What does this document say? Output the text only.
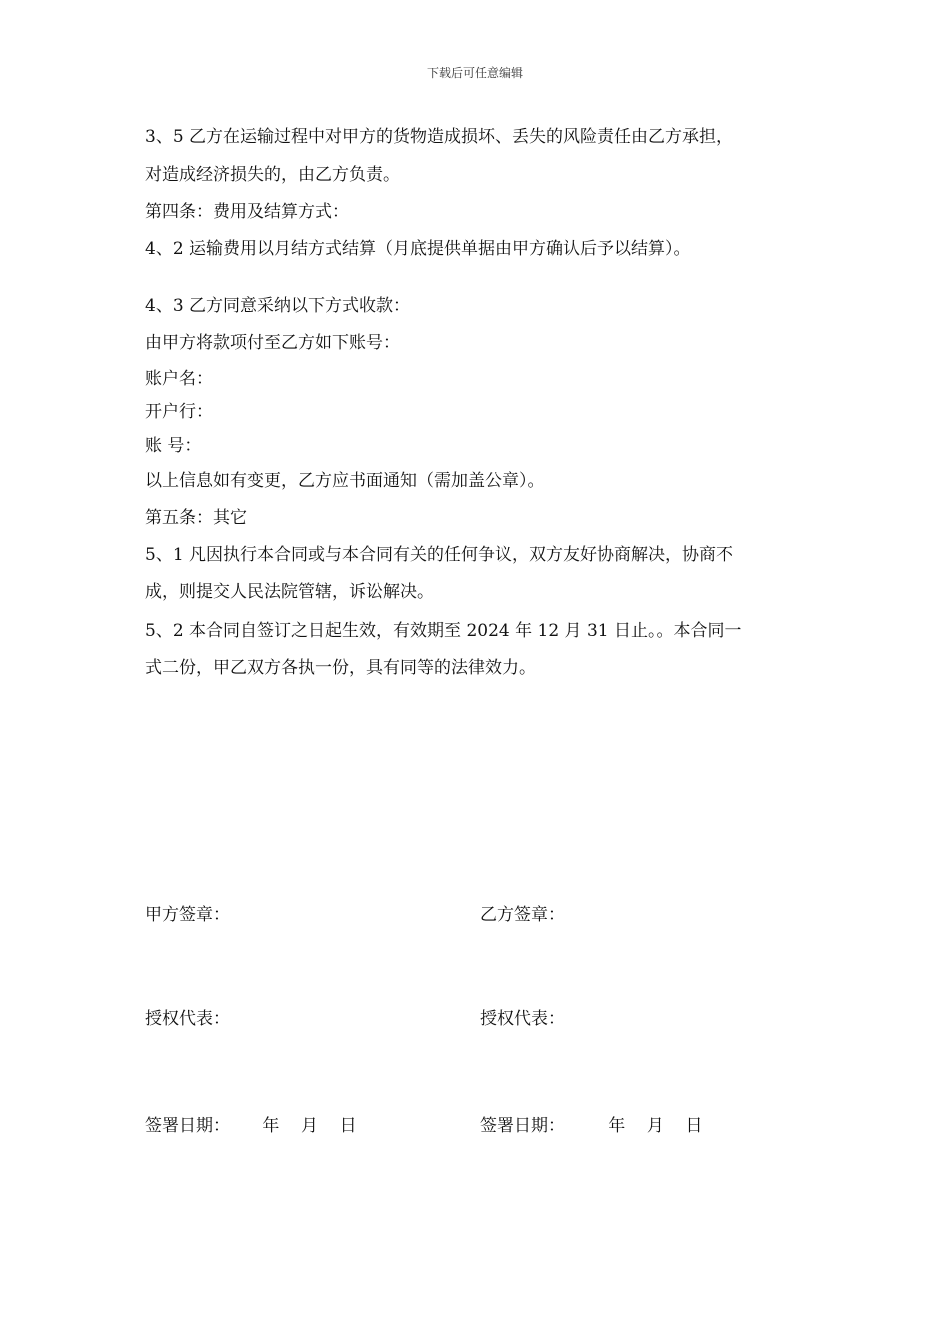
下载后可任意编辑
3、5 乙方在运输过程中对甲方的货物造成损坏、丢失的风险责任由乙方承担，
对造成经济损失的，由乙方负责。
第四条：费用及结算方式：
4、2 运输费用以月结方式结算（月底提供单据由甲方确认后予以结算）。
4、3 乙方同意采纳以下方式收款：
由甲方将款项付至乙方如下账号：
账户名：
开户行：
账 号：
以上信息如有变更，乙方应书面通知（需加盖公章）。
第五条：其它
5、1 凡因执行本合同或与本合同有关的任何争议，双方友好协商解决，协商不
成，则提交人民法院管辖，诉讼解决。
5、2 本合同自签订之日起生效，有效期至 2024 年 12 月 31 日止。。本合同一
式二份，甲乙双方各执一份，具有同等的法律效力。
甲方签章：	乙方签章：
授权代表：	授权代表：
签署日期：      年    月    日	签署日期：        年    月    日
